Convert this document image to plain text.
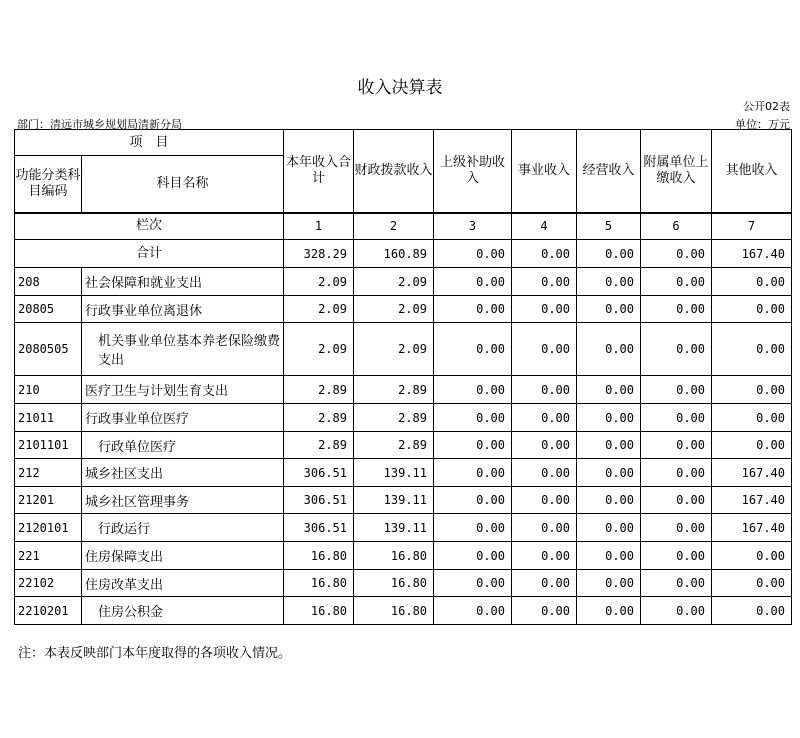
收入决算表
公开02表
部门：清远市城乡规划局清新分局	单位：万元
项　目		本年收入合计	财政拨款收入	上级补助收入	事业收入	经营收入	附属单位上缴收入	其他收入
功能分类科目编码	科目名称							
栏次		1	2	3	4	5	6	7
合计		328.29	160.89	0.00	0.00	0.00	0.00	167.40
208	社会保障和就业支出	2.09	2.09	0.00	0.00	0.00	0.00	0.00
20805	行政事业单位离退休	2.09	2.09	0.00	0.00	0.00	0.00	0.00
2080505	机关事业单位基本养老保险缴费支出	2.09	2.09	0.00	0.00	0.00	0.00	0.00
210	医疗卫生与计划生育支出	2.89	2.89	0.00	0.00	0.00	0.00	0.00
21011	行政事业单位医疗	2.89	2.89	0.00	0.00	0.00	0.00	0.00
2101101	行政单位医疗	2.89	2.89	0.00	0.00	0.00	0.00	0.00
212	城乡社区支出	306.51	139.11	0.00	0.00	0.00	0.00	167.40
21201	城乡社区管理事务	306.51	139.11	0.00	0.00	0.00	0.00	167.40
2120101	行政运行	306.51	139.11	0.00	0.00	0.00	0.00	167.40
221	住房保障支出	16.80	16.80	0.00	0.00	0.00	0.00	0.00
22102	住房改革支出	16.80	16.80	0.00	0.00	0.00	0.00	0.00
2210201	住房公积金	16.80	16.80	0.00	0.00	0.00	0.00	0.00
注：本表反映部门本年度取得的各项收入情况。
